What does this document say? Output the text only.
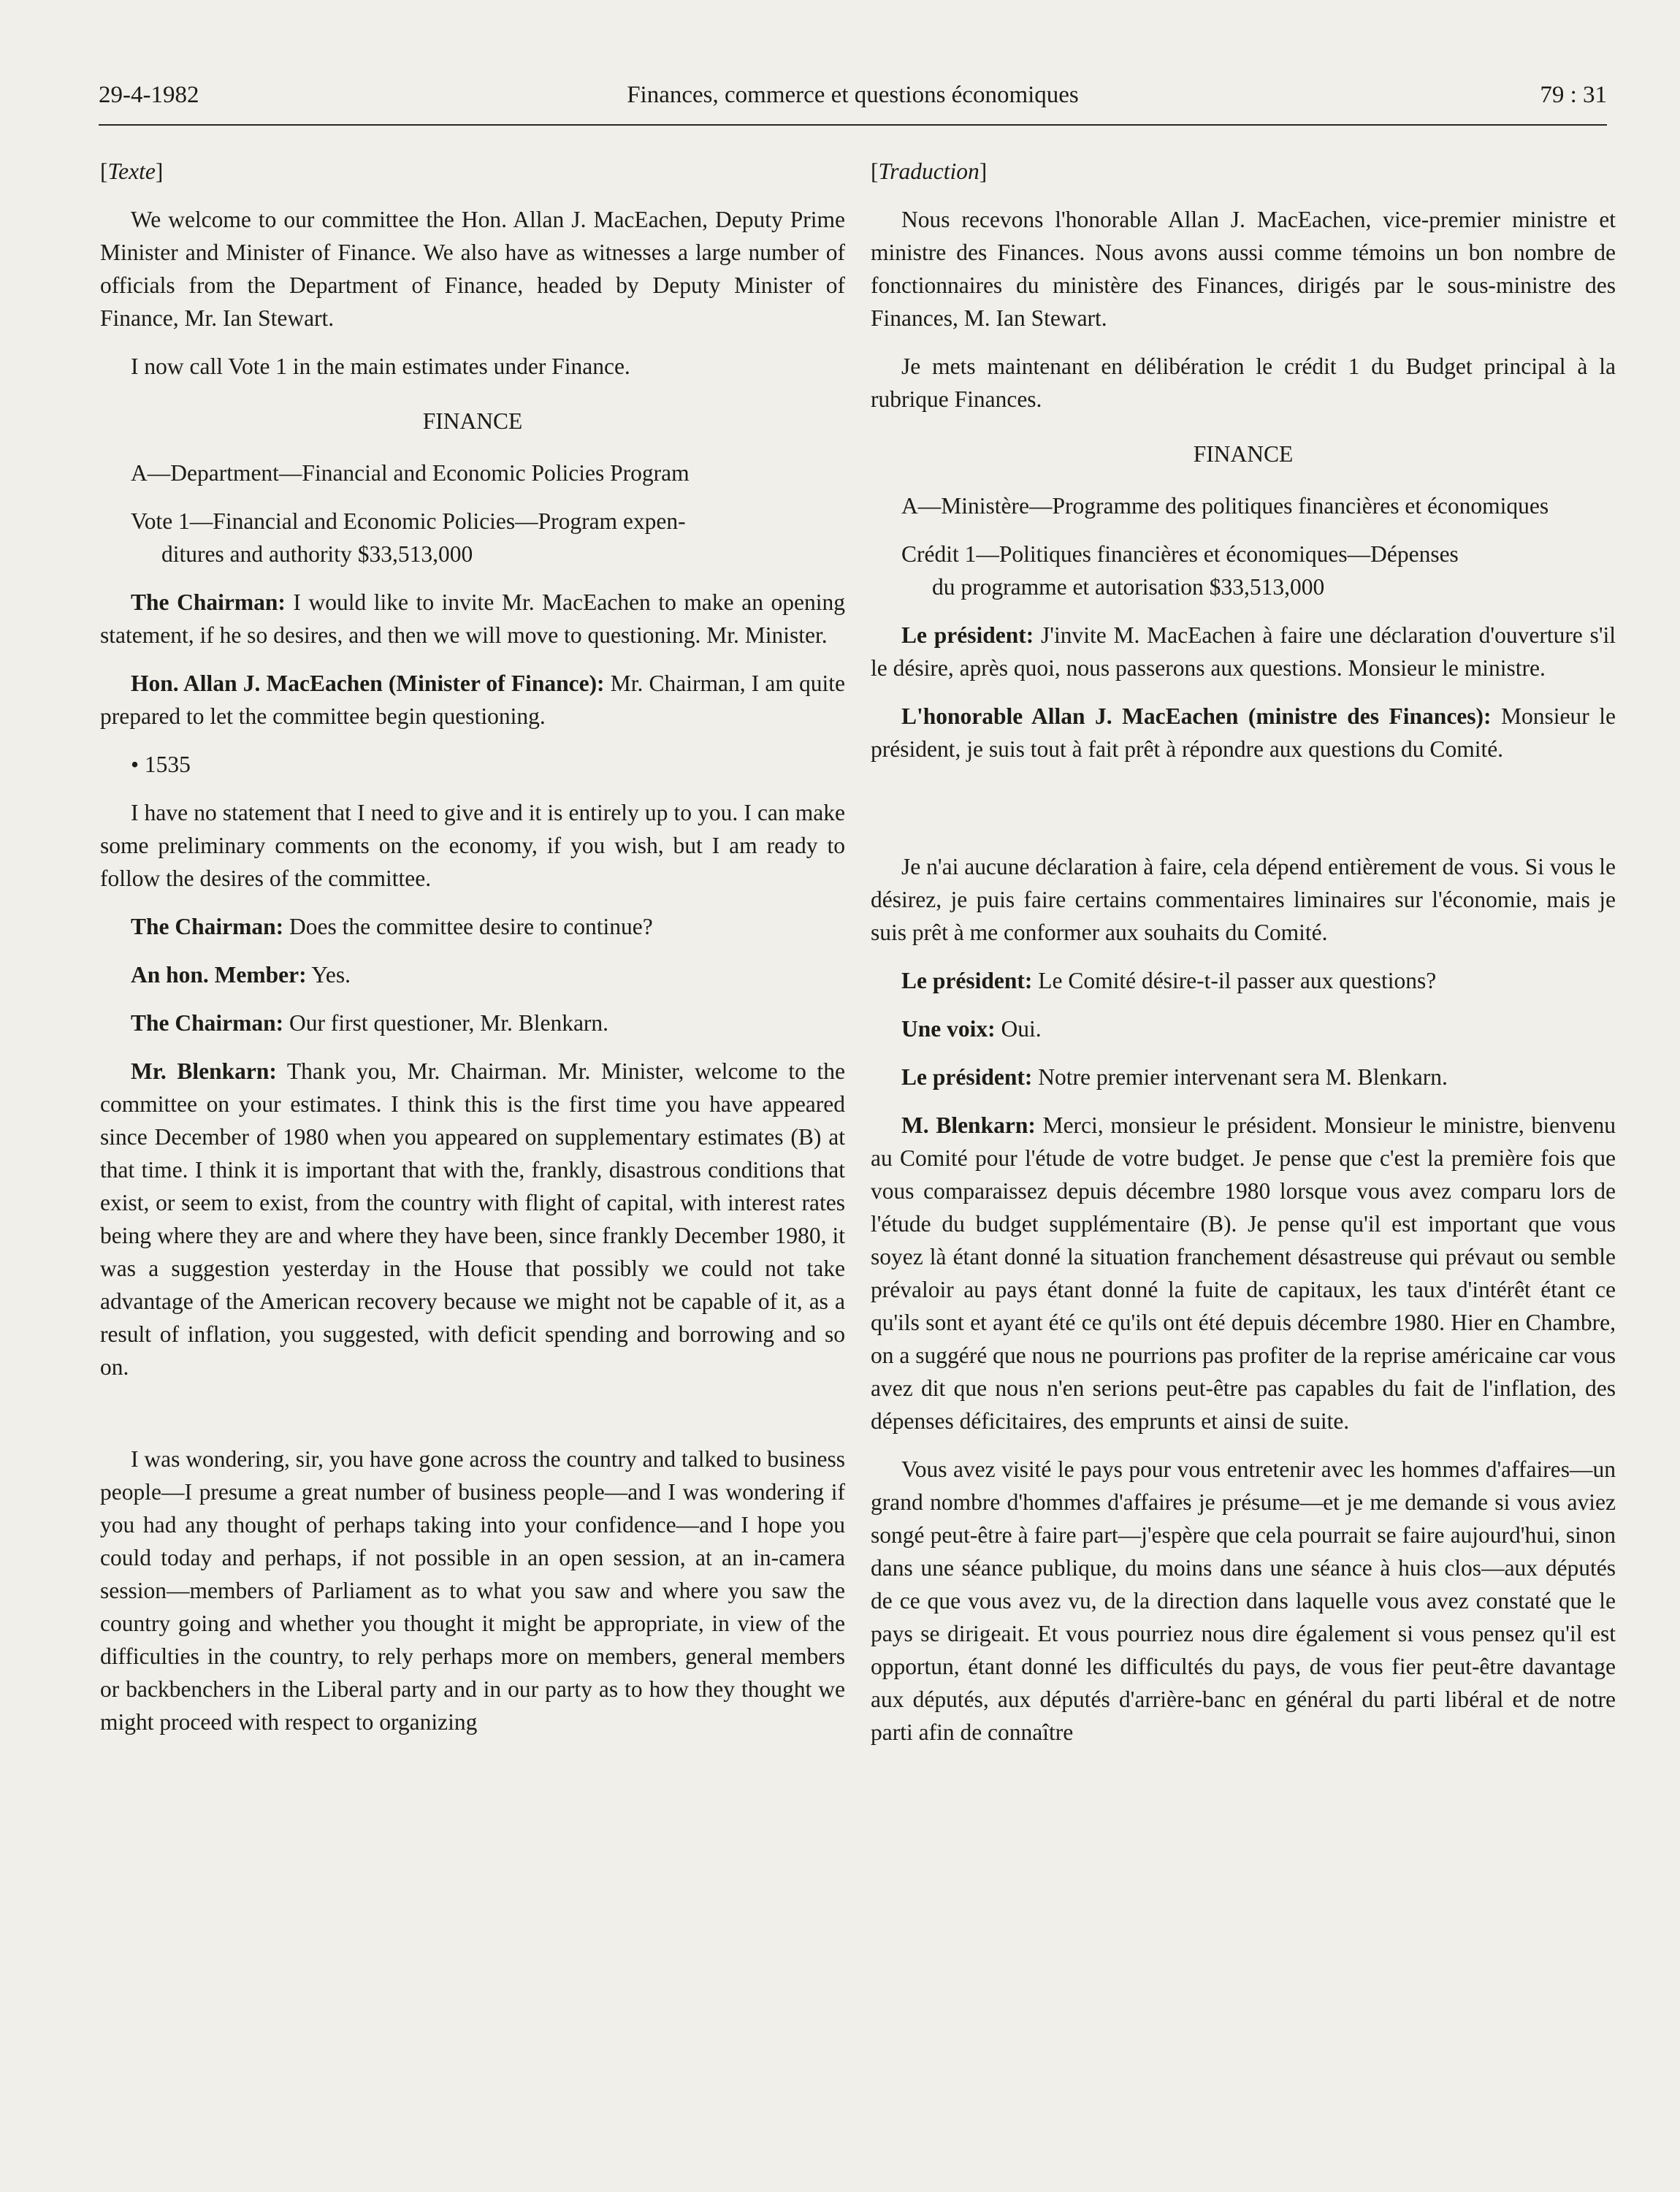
29-4-1982	Finances, commerce et questions économiques	79 : 31

[Texte]

We welcome to our committee the Hon. Allan J. MacEachen, Deputy Prime Minister and Minister of Finance. We also have as witnesses a large number of officials from the Department of Finance, headed by Deputy Minister of Finance, Mr. Ian Stewart.

I now call Vote 1 in the main estimates under Finance.

FINANCE

A—Department—Financial and Economic Policies Program

Vote 1—Financial and Economic Policies—Program expen-
ditures and authority $33,513,000

The Chairman: I would like to invite Mr. MacEachen to make an opening statement, if he so desires, and then we will move to questioning. Mr. Minister.

Hon. Allan J. MacEachen (Minister of Finance): Mr. Chairman, I am quite prepared to let the committee begin questioning.

• 1535

I have no statement that I need to give and it is entirely up to you. I can make some preliminary comments on the economy, if you wish, but I am ready to follow the desires of the committee.

The Chairman: Does the committee desire to continue?

An hon. Member: Yes.

The Chairman: Our first questioner, Mr. Blenkarn.

Mr. Blenkarn: Thank you, Mr. Chairman. Mr. Minister, welcome to the committee on your estimates. I think this is the first time you have appeared since December of 1980 when you appeared on supplementary estimates (B) at that time. I think it is important that with the, frankly, disastrous conditions that exist, or seem to exist, from the country with flight of capital, with interest rates being where they are and where they have been, since frankly December 1980, it was a suggestion yesterday in the House that possibly we could not take advantage of the American recovery because we might not be capable of it, as a result of inflation, you suggested, with deficit spending and borrowing and so on.

I was wondering, sir, you have gone across the country and talked to business people—I presume a great number of business people—and I was wondering if you had any thought of perhaps taking into your confidence—and I hope you could today and perhaps, if not possible in an open session, at an in-camera session—members of Parliament as to what you saw and where you saw the country going and whether you thought it might be appropriate, in view of the difficulties in the country, to rely perhaps more on members, general members or backbenchers in the Liberal party and in our party as to how they thought we might proceed with respect to organizing

[Traduction]

Nous recevons l'honorable Allan J. MacEachen, vice-premier ministre et ministre des Finances. Nous avons aussi comme témoins un bon nombre de fonctionnaires du ministère des Finances, dirigés par le sous-ministre des Finances, M. Ian Stewart.

Je mets maintenant en délibération le crédit 1 du Budget principal à la rubrique Finances.

FINANCE

A—Ministère—Programme des politiques financières et économiques

Crédit 1—Politiques financières et économiques—Dépenses
du programme et autorisation $33,513,000

Le président: J'invite M. MacEachen à faire une déclaration d'ouverture s'il le désire, après quoi, nous passerons aux questions. Monsieur le ministre.

L'honorable Allan J. MacEachen (ministre des Finances): Monsieur le président, je suis tout à fait prêt à répondre aux questions du Comité.

Je n'ai aucune déclaration à faire, cela dépend entièrement de vous. Si vous le désirez, je puis faire certains commentaires liminaires sur l'économie, mais je suis prêt à me conformer aux souhaits du Comité.

Le président: Le Comité désire-t-il passer aux questions?

Une voix: Oui.

Le président: Notre premier intervenant sera M. Blenkarn.

M. Blenkarn: Merci, monsieur le président. Monsieur le ministre, bienvenu au Comité pour l'étude de votre budget. Je pense que c'est la première fois que vous comparaissez depuis décembre 1980 lorsque vous avez comparu lors de l'étude du budget supplémentaire (B). Je pense qu'il est important que vous soyez là étant donné la situation franchement désastreuse qui prévaut ou semble prévaloir au pays étant donné la fuite de capitaux, les taux d'intérêt étant ce qu'ils sont et ayant été ce qu'ils ont été depuis décembre 1980. Hier en Chambre, on a suggéré que nous ne pourrions pas profiter de la reprise américaine car vous avez dit que nous n'en serions peut-être pas capables du fait de l'inflation, des dépenses déficitaires, des emprunts et ainsi de suite.

Vous avez visité le pays pour vous entretenir avec les hommes d'affaires—un grand nombre d'hommes d'affaires je présume—et je me demande si vous aviez songé peut-être à faire part—j'espère que cela pourrait se faire aujourd'hui, sinon dans une séance publique, du moins dans une séance à huis clos—aux députés de ce que vous avez vu, de la direction dans laquelle vous avez constaté que le pays se dirigeait. Et vous pourriez nous dire également si vous pensez qu'il est opportun, étant donné les difficultés du pays, de vous fier peut-être davantage aux députés, aux députés d'arrière-banc en général du parti libéral et de notre parti afin de connaître
